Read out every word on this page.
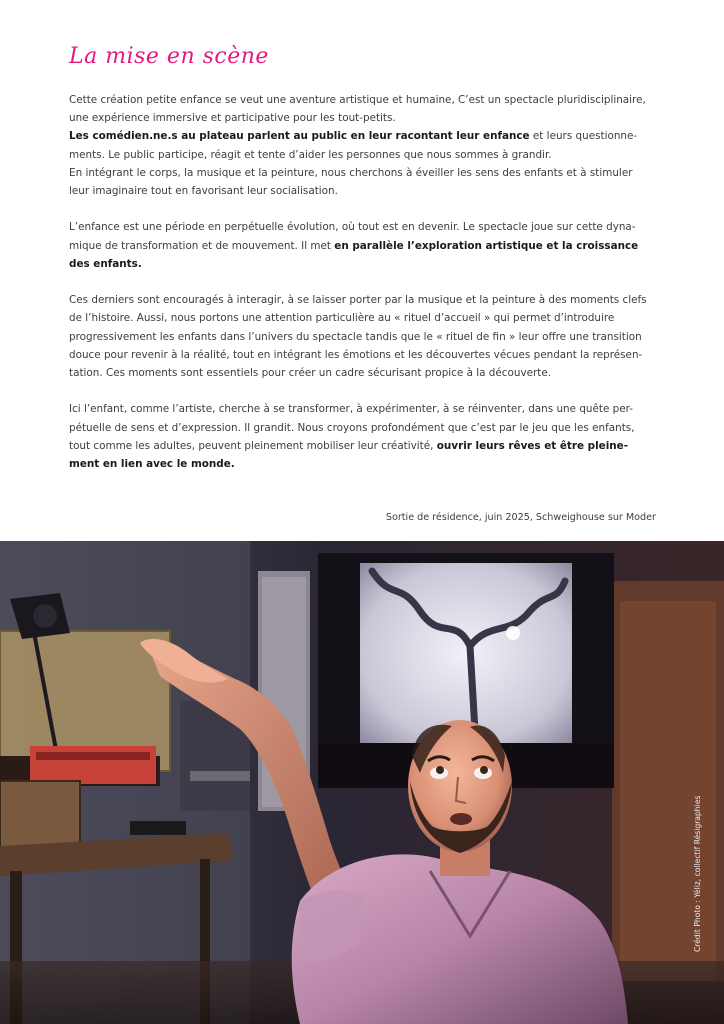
La mise en scène

Cette création petite enfance se veut une aventure artistique et humaine, C’est un spectacle pluridisciplinaire,
une expérience immersive et participative pour les tout-petits.
Les comédien.ne.s au plateau parlent au public en leur racontant leur enfance et leurs questionne-
ments. Le public participe, réagit et tente d’aider les personnes que nous sommes à grandir.
En intégrant le corps, la musique et la peinture, nous cherchons à éveiller les sens des enfants et à stimuler
leur imaginaire tout en favorisant leur socialisation.

L’enfance est une période en perpétuelle évolution, où tout est en devenir. Le spectacle joue sur cette dyna-
mique de transformation et de mouvement. Il met en parallèle l’exploration artistique et la croissance
des enfants.

Ces derniers sont encouragés à interagir, à se laisser porter par la musique et la peinture à des moments clefs
de l’histoire. Aussi, nous portons une attention particulière au « rituel d’accueil » qui permet d’introduire
progressivement les enfants dans l’univers du spectacle tandis que le « rituel de fin » leur offre une transition
douce pour revenir à la réalité, tout en intégrant les émotions et les découvertes vécues pendant la représen-
tation. Ces moments sont essentiels pour créer un cadre sécurisant propice à la découverte.

Ici l’enfant, comme l’artiste, cherche à se transformer, à expérimenter, à se réinventer, dans une quête per-
pétuelle de sens et d’expression. Il grandit. Nous croyons profondément que c’est par le jeu que les enfants,
tout comme les adultes, peuvent pleinement mobiliser leur créativité, ouvrir leurs rêves et être pleine-
ment en lien avec le monde.

Sortie de résidence, juin 2025, Schweighouse sur Moder
Crédit Photo : Yéliz, collectif Résigraphies
